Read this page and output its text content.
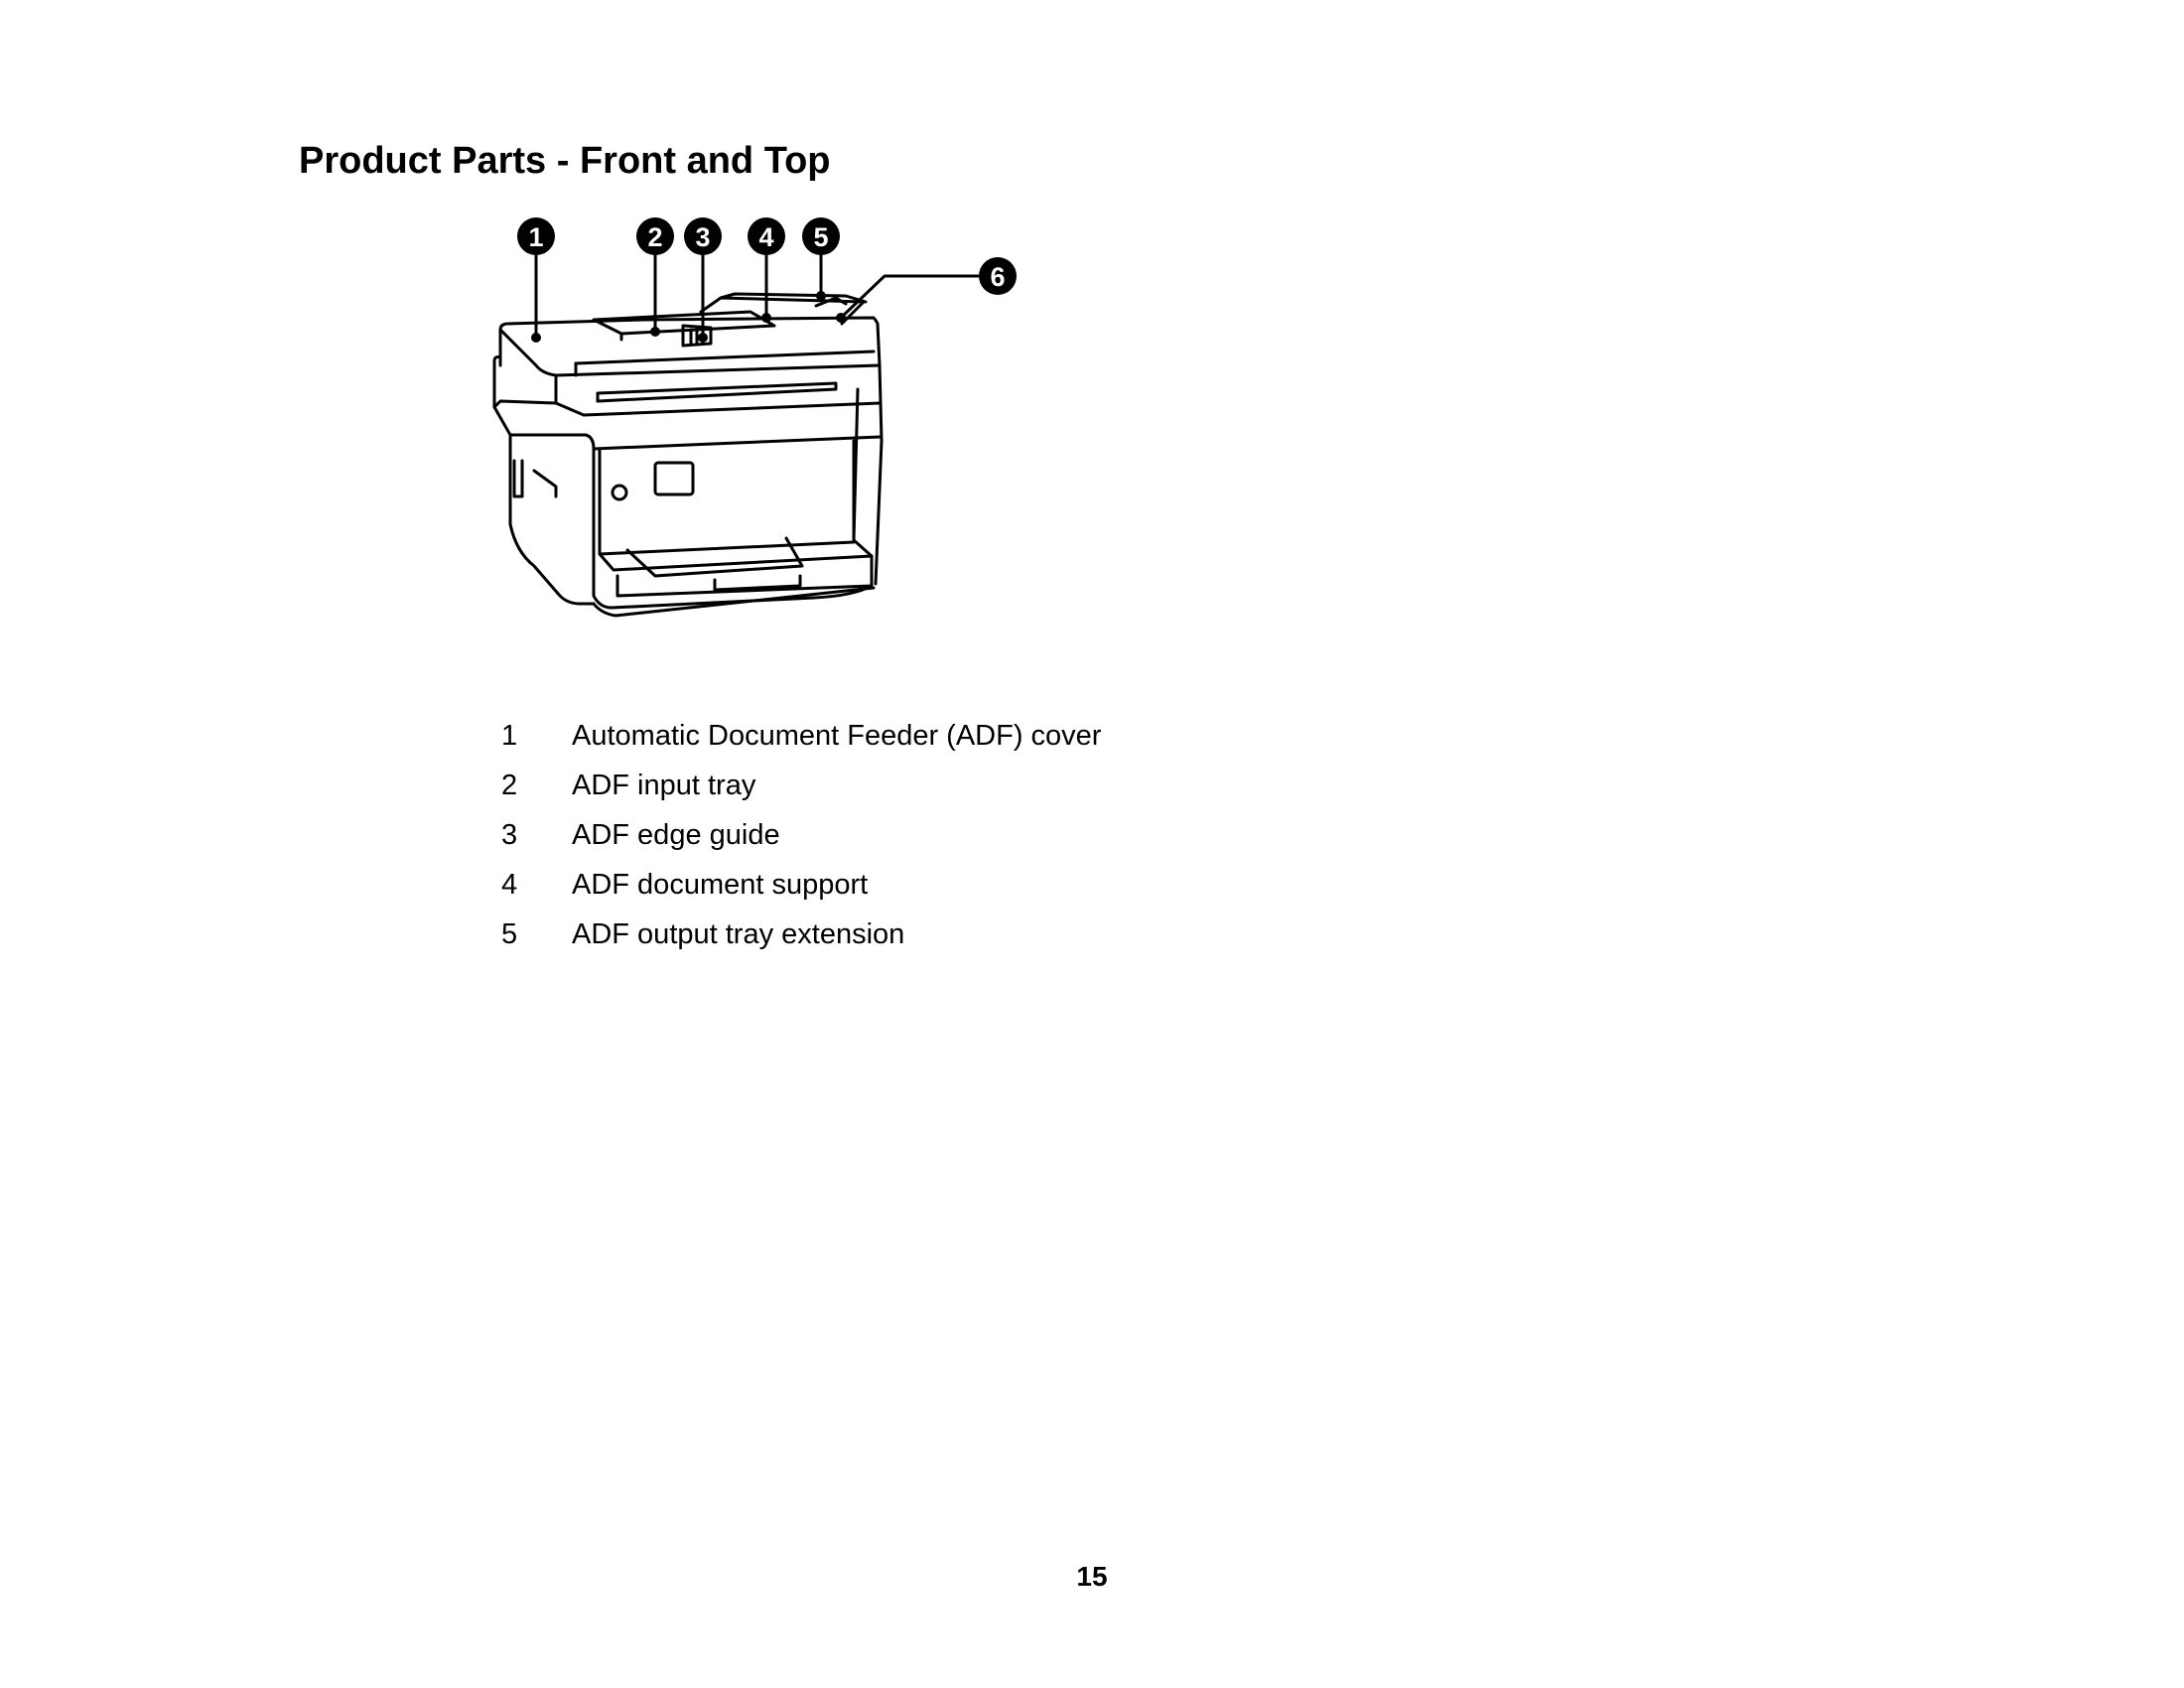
Product Parts - Front and Top
1	2 3 4 5
6
1	Automatic Document Feeder (ADF) cover
2	ADF input tray
3	ADF edge guide
4	ADF document support
5	ADF output tray extension
15
